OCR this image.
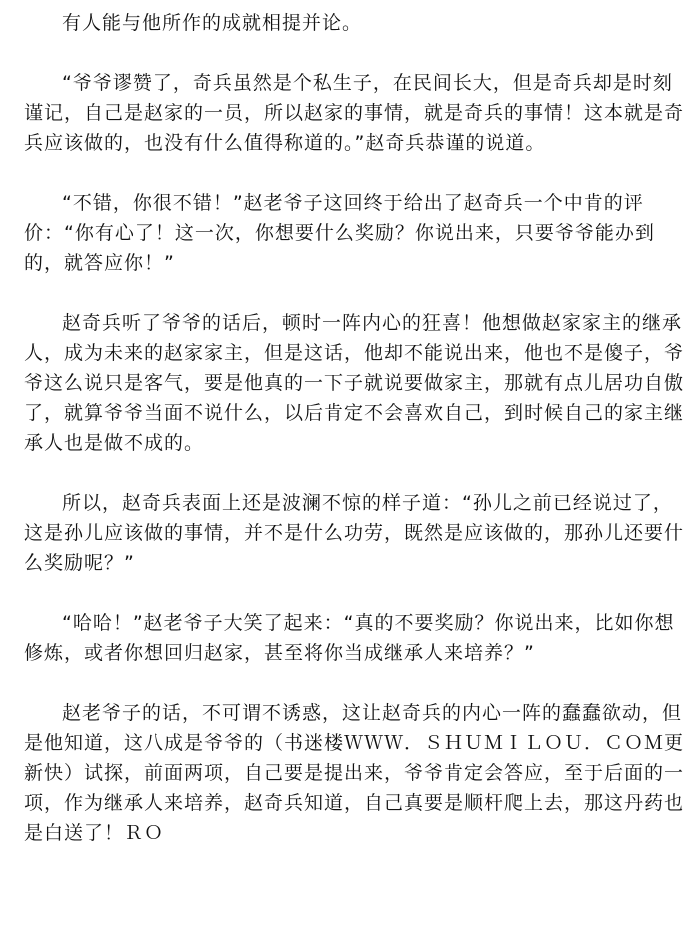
有人能与他所作的成就相提并论。

“爷爷谬赞了，奇兵虽然是个私生子，在民间长大，但是奇兵却是时刻谨记，自己是赵家的一员，所以赵家的事情，就是奇兵的事情！这本就是奇兵应该做的，也没有什么值得称道的。”赵奇兵恭谨的说道。

“不错，你很不错！”赵老爷子这回终于给出了赵奇兵一个中肯的评价：“你有心了！这一次，你想要什么奖励？你说出来，只要爷爷能办到的，就答应你！”

赵奇兵听了爷爷的话后，顿时一阵内心的狂喜！他想做赵家家主的继承人，成为未来的赵家家主，但是这话，他却不能说出来，他也不是傻子，爷爷这么说只是客气，要是他真的一下子就说要做家主，那就有点儿居功自傲了，就算爷爷当面不说什么，以后肯定不会喜欢自己，到时候自己的家主继承人也是做不成的。

所以，赵奇兵表面上还是波澜不惊的样子道：“孙儿之前已经说过了，这是孙儿应该做的事情，并不是什么功劳，既然是应该做的，那孙儿还要什么奖励呢？”

“哈哈！”赵老爷子大笑了起来：“真的不要奖励？你说出来，比如你想修炼，或者你想回归赵家，甚至将你当成继承人来培养？”

赵老爷子的话，不可谓不诱惑，这让赵奇兵的内心一阵的蠢蠢欲动，但是他知道，这八成是爷爷的（书迷楼ＷＷＷ．ＳＨＵＭＩＬＯＵ．ＣＯＭ更新快）试探，前面两项，自己要是提出来，爷爷肯定会答应，至于后面的一项，作为继承人来培养，赵奇兵知道，自己真要是顺杆爬上去，那这丹药也是白送了！ＲＯ
